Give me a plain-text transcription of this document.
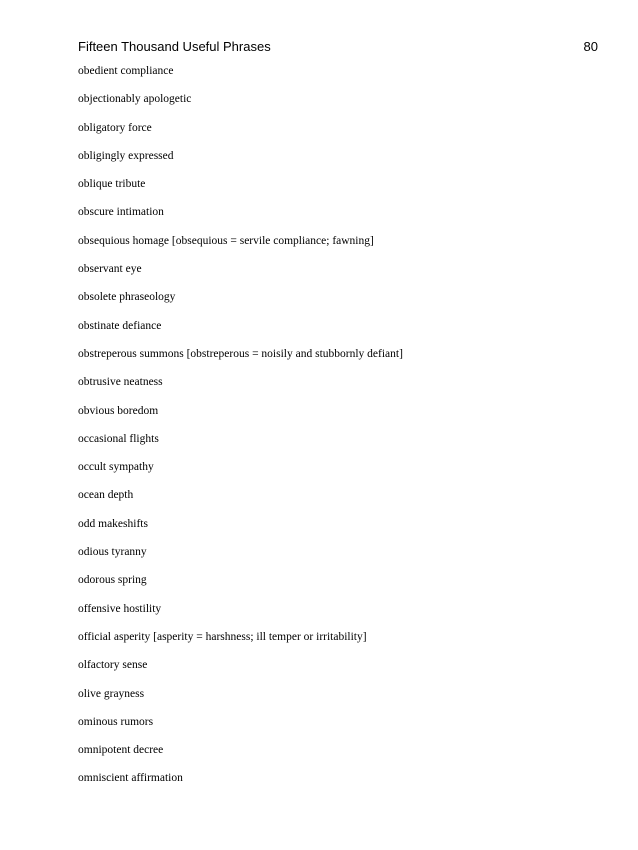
Fifteen Thousand Useful Phrases	80
obedient compliance
objectionably apologetic
obligatory force
obligingly expressed
oblique tribute
obscure intimation
obsequious homage [obsequious = servile compliance; fawning]
observant eye
obsolete phraseology
obstinate defiance
obstreperous summons [obstreperous = noisily and stubbornly defiant]
obtrusive neatness
obvious boredom
occasional flights
occult sympathy
ocean depth
odd makeshifts
odious tyranny
odorous spring
offensive hostility
official asperity [asperity = harshness; ill temper or irritability]
olfactory sense
olive grayness
ominous rumors
omnipotent decree
omniscient affirmation
